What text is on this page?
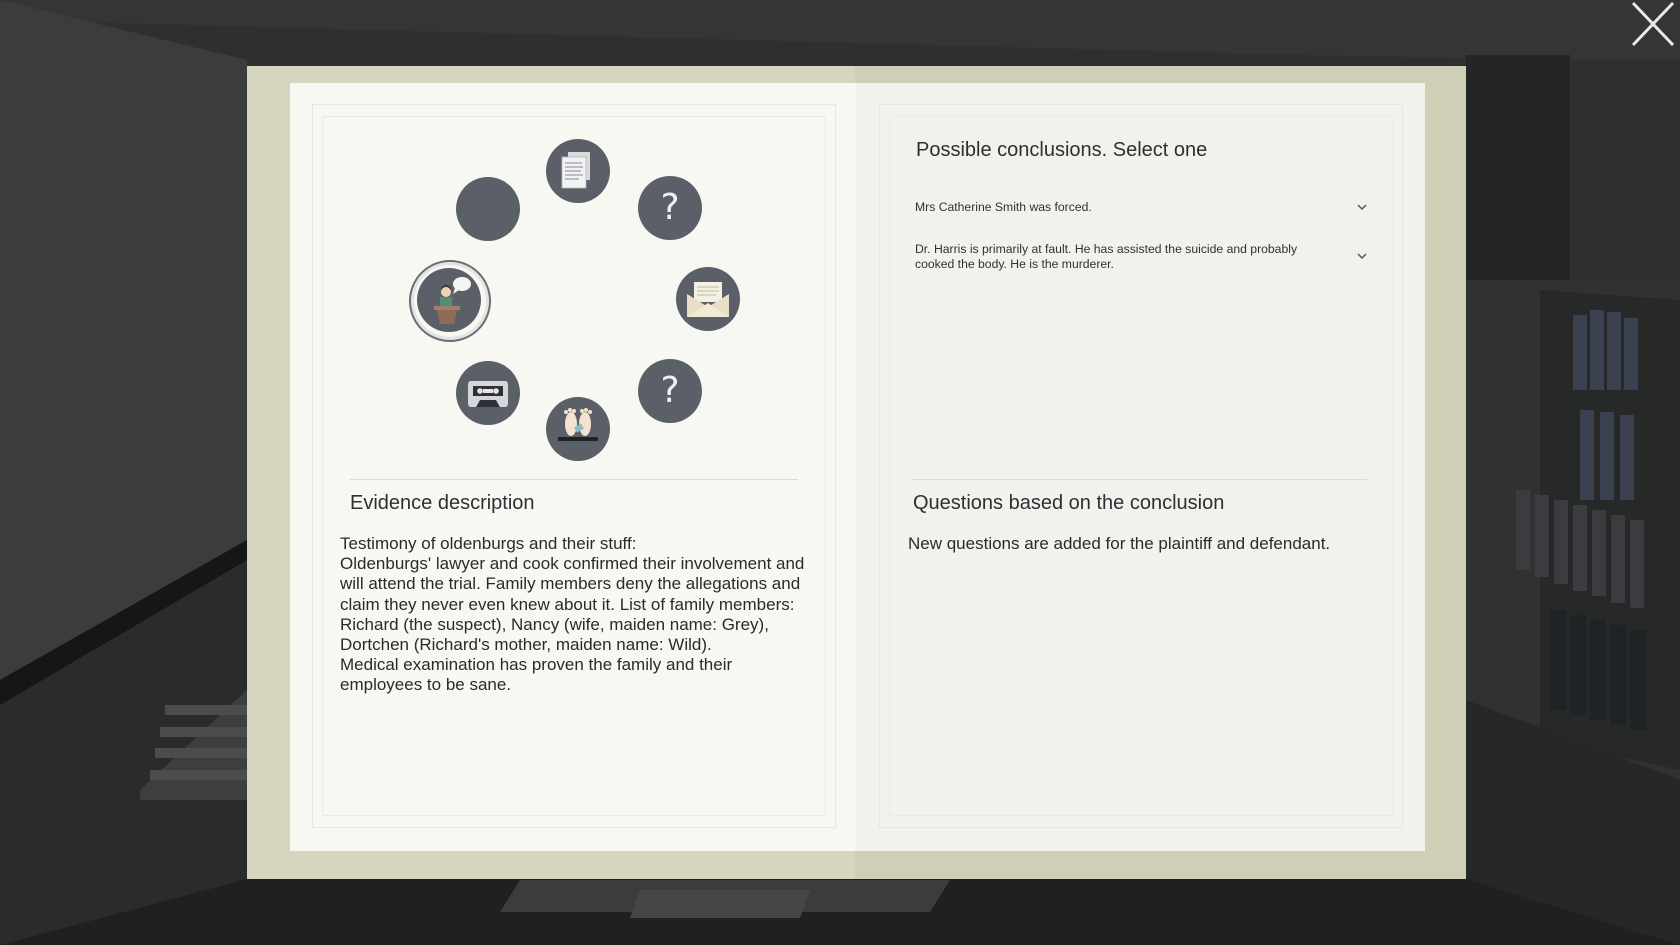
?
?
Evidence description
Testimony of oldenburgs and their stuff:
Oldenburgs' lawyer and cook confirmed their involvement and will attend the trial. Family members deny the allegations and claim they never even knew about it. List of family members: Richard (the suspect), Nancy (wife, maiden name: Grey), Dortchen (Richard's mother, maiden name: Wild).
Medical examination has proven the family and their employees to be sane.
Possible conclusions. Select one
Mrs Catherine Smith was forced.
Dr. Harris is primarily at fault. He has assisted the suicide and probably cooked the body. He is the murderer.
Questions based on the conclusion
New questions are added for the plaintiff and defendant.
